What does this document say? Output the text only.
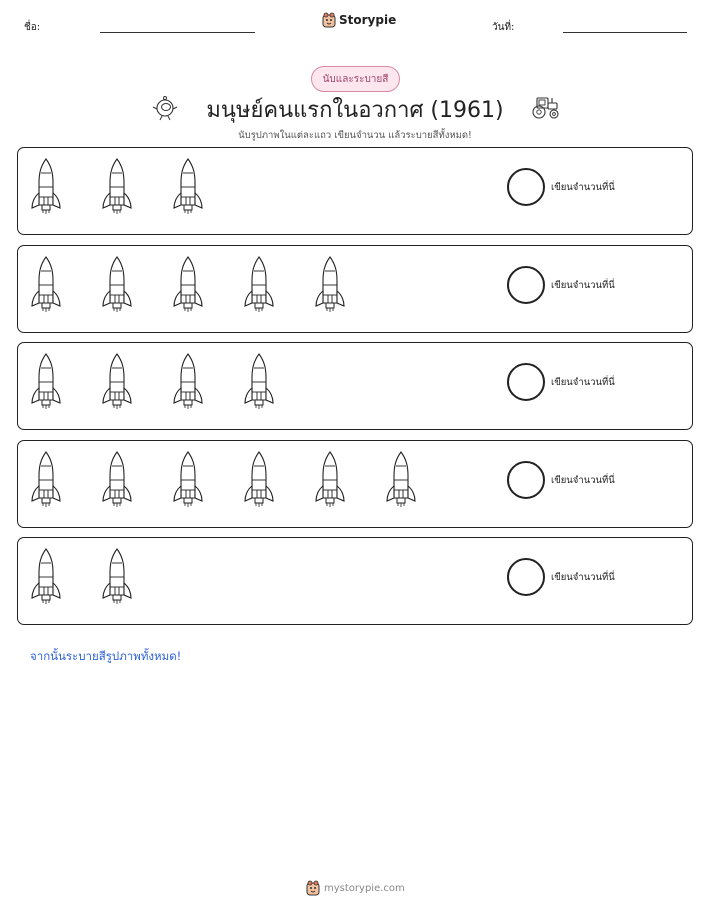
ชื่อ:
Storypie
วันที่:
นับและระบายสี
มนุษย์คนแรกในอวกาศ (1961)
นับรูปภาพในแต่ละแถว เขียนจำนวน แล้วระบายสีทั้งหมด!
เขียนจำนวนที่นี่
เขียนจำนวนที่นี่
เขียนจำนวนที่นี่
เขียนจำนวนที่นี่
เขียนจำนวนที่นี่
จากนั้นระบายสีรูปภาพทั้งหมด!
mystorypie.com
